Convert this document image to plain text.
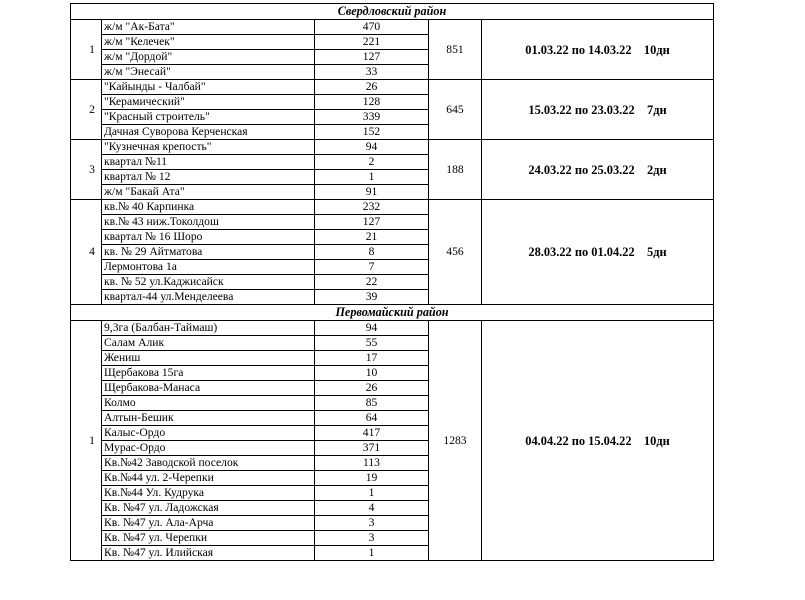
Свердловский район				
1	ж/м "Ак-Бата"	470	851	01.03.22 по 14.03.22    10дн
	ж/м "Келечек"	221		
	ж/м "Дордой"	127		
	ж/м "Энесай"	33		
2	"Кайынды - Чалбай"	26	645	15.03.22 по 23.03.22    7дн
	"Керамический"	128		
	"Красный строитель"	339		
	Дачная Суворова Керченская	152		
3	"Кузнечная крепость"	94	188	24.03.22 по 25.03.22    2дн
	квартал №11	2		
	квартал № 12	1		
	ж/м "Бакай Ата"	91		
4	кв.№ 40 Карпинка	232	456	28.03.22 по 01.04.22    5дн
	кв.№ 43 ниж.Токолдош	127		
	квартал № 16 Шоро	21		
	кв. № 29 Айтматова	8		
	Лермонтова 1а	7		
	кв. № 52 ул.Каджисайск	22		
	квартал-44 ул.Менделеева	39		
Первомайский район				
1	9,3га (Балбан-Таймаш)	94	1283	04.04.22 по 15.04.22    10дн
	Салам Алик	55		
	Жениш	17		
	Щербакова 15га	10		
	Щербакова-Манаса	26		
	Колмо	85		
	Алтын-Бешик	64		
	Калыс-Ордо	417		
	Мурас-Ордо	371		
	Кв.№42 Заводской поселок	113		
	Кв.№44 ул. 2-Черепки	19		
	Кв.№44 Ул. Кудрука	1		
	Кв. №47 ул. Ладожская	4		
	Кв. №47 ул. Ала-Арча	3		
	Кв. №47 ул. Черепки	3		
	Кв. №47 ул. Илийская	1		
